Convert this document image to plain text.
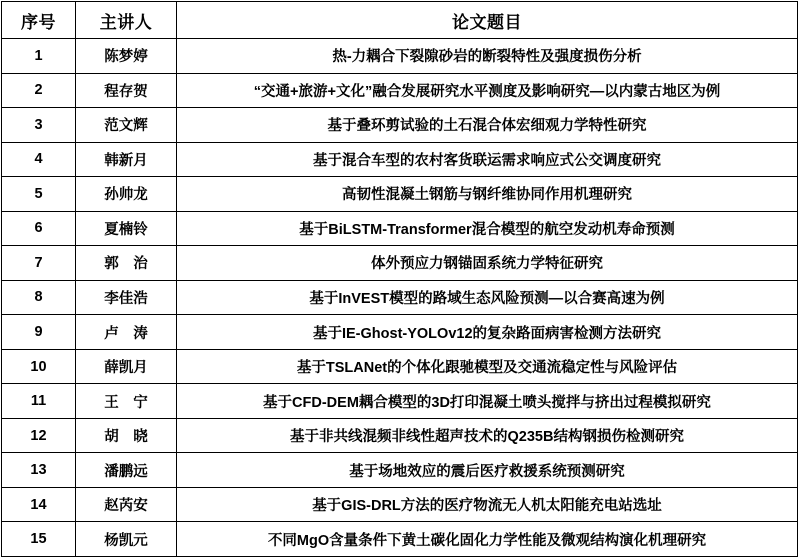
序号	主讲人	论文题目
1	陈梦婷	热-力耦合下裂隙砂岩的断裂特性及强度损伤分析
2	程存贺	“交通+旅游+文化”融合发展研究水平测度及影响研究—以内蒙古地区为例
3	范文辉	基于叠环剪试验的土石混合体宏细观力学特性研究
4	韩新月	基于混合车型的农村客货联运需求响应式公交调度研究
5	孙帅龙	高韧性混凝土钢筋与钢纤维协同作用机理研究
6	夏楠铃	基于BiLSTM-Transformer混合模型的航空发动机寿命预测
7	郭　治	体外预应力钢锚固系统力学特征研究
8	李佳浩	基于InVEST模型的路域生态风险预测—以合赛高速为例
9	卢　涛	基于IE-Ghost-YOLOv12的复杂路面病害检测方法研究
10	薛凯月	基于TSLANet的个体化跟驰模型及交通流稳定性与风险评估
11	王　宁	基于CFD-DEM耦合模型的3D打印混凝土喷头搅拌与挤出过程模拟研究
12	胡　晓	基于非共线混频非线性超声技术的Q235B结构钢损伤检测研究
13	潘鹏远	基于场地效应的震后医疗救援系统预测研究
14	赵芮安	基于GIS-DRL方法的医疗物流无人机太阳能充电站选址
15	杨凯元	不同MgO含量条件下黄土碳化固化力学性能及微观结构演化机理研究
